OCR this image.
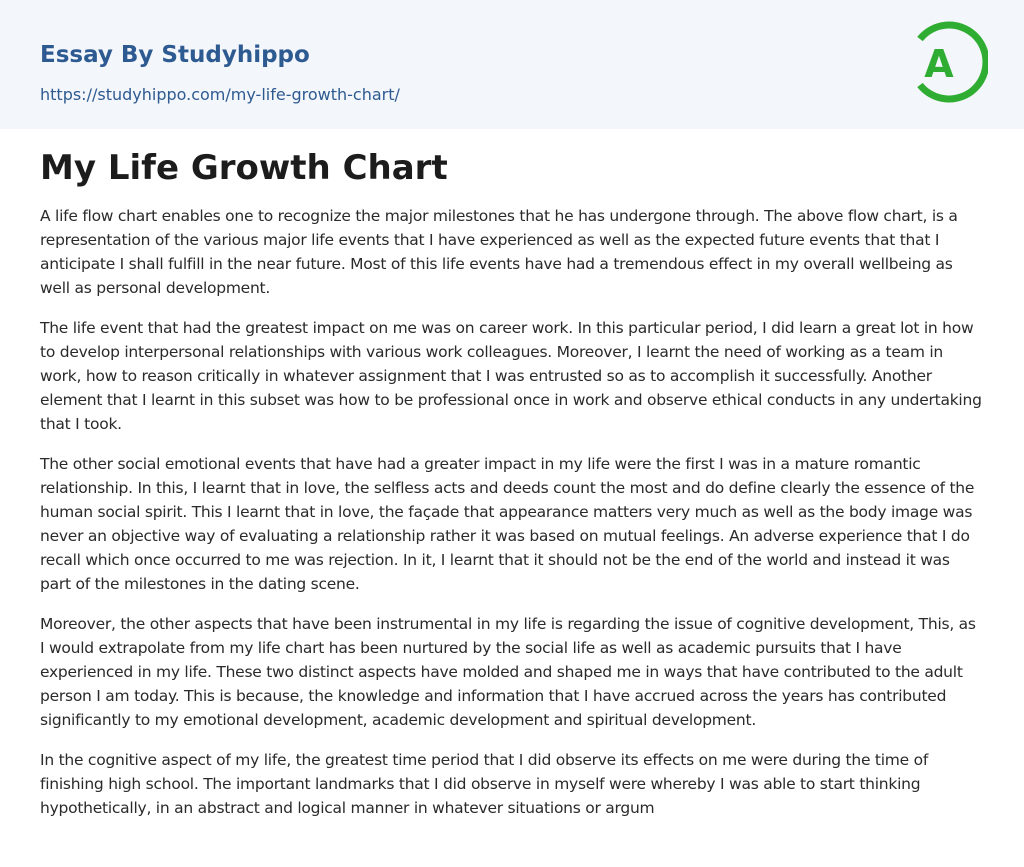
Essay By Studyhippo
https://studyhippo.com/my-life-growth-chart/
A
My Life Growth Chart

A life flow chart enables one to recognize the major milestones that he has undergone through. The above flow chart, is a representation of the various major life events that I have experienced as well as the expected future events that that I anticipate I shall fulfill in the near future. Most of this life events have had a tremendous effect in my overall wellbeing as well as personal development.

The life event that had the greatest impact on me was on career work. In this particular period, I did learn a great lot in how to develop interpersonal relationships with various work colleagues. Moreover, I learnt the need of working as a team in work, how to reason critically in whatever assignment that I was entrusted so as to accomplish it successfully. Another element that I learnt in this subset was how to be professional once in work and observe ethical conducts in any undertaking that I took.

The other social emotional events that have had a greater impact in my life were the first I was in a mature romantic relationship. In this, I learnt that in love, the selfless acts and deeds count the most and do define clearly the essence of the human social spirit. This I learnt that in love, the façade that appearance matters very much as well as the body image was never an objective way of evaluating a relationship rather it was based on mutual feelings. An adverse experience that I do recall which once occurred to me was rejection. In it, I learnt that it should not be the end of the world and instead it was part of the milestones in the dating scene.

Moreover, the other aspects that have been instrumental in my life is regarding the issue of cognitive development, This, as I would extrapolate from my life chart has been nurtured by the social life as well as academic pursuits that I have experienced in my life. These two distinct aspects have molded and shaped me in ways that have contributed to the adult person I am today. This is because, the knowledge and information that I have accrued across the years has contributed significantly to my emotional development, academic development and spiritual development.

In the cognitive aspect of my life, the greatest time period that I did observe its effects on me were during the time of finishing high school. The important landmarks that I did observe in myself were whereby I was able to start thinking hypothetically, in an abstract and logical manner in whatever situations or argum
